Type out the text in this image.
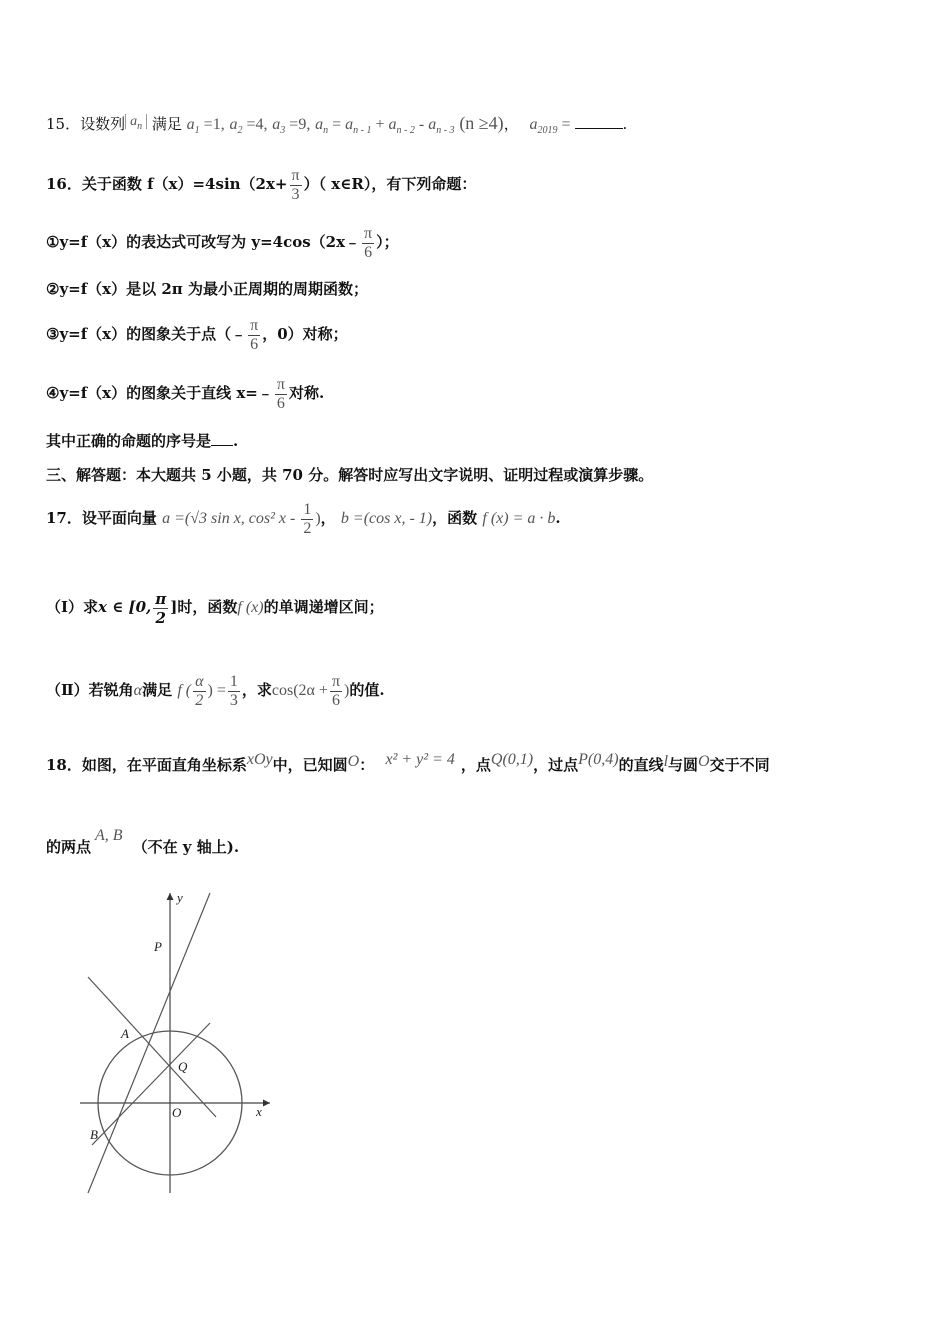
15．设数列 $a_n$ 满足 $a_1 =1$, $a_2 =4$, $a_3 =9$, $a_n = a_{n - 1} + a_{n - 2} - a_{n - 3}$ (n ≥4)， $a_{2019}$ =	.
16．关于函数 $f(x)=4\sin(2x+ \frac{\pi}{3}$ ）（ x∈R），有下列命题：
①y=f（x）的表达式可改写为 y=4cos（2x﹣ $\frac{\pi}{6}$ ）；
②y=f（x）是以 2π 为最小正周期的周期函数；
③y=f（x）的图象关于点（﹣ $\frac{\pi}{6}$ ，0）对称；
④y=f（x）的图象关于直线 x=﹣ $\frac{\pi}{6}$ 对称.
其中正确的命题的序号是 .
三、解答题：本大题共 5 小题，共 70 分。解答时应写出文字说明、证明过程或演算步骤。
17．设平面向量 a =(√3 sin x, cos² x - $\frac{1}{2}$ )， b =(cos x, - 1)，函数 f (x) = a · b.
（Ⅰ）求x ∈ [0, $\frac{\pi}{2}$ ]时，函数f (x)的单调递增区间；
（Ⅱ）若锐角α满足 f ( $\frac{\alpha}{2}$ ) = $\frac{1}{3}$ ，求$\cos(2\alpha + \frac{\pi}{6}$ )的值.
18．如图，在平面直角坐标系xOy中，已知圆O： x² + y² = 4 ，点Q(0,1)，过点P(0,4)的直线l与圆O交于不同
的两点A, B（不在 y 轴上).
y
x
P
A
Q
O
B
